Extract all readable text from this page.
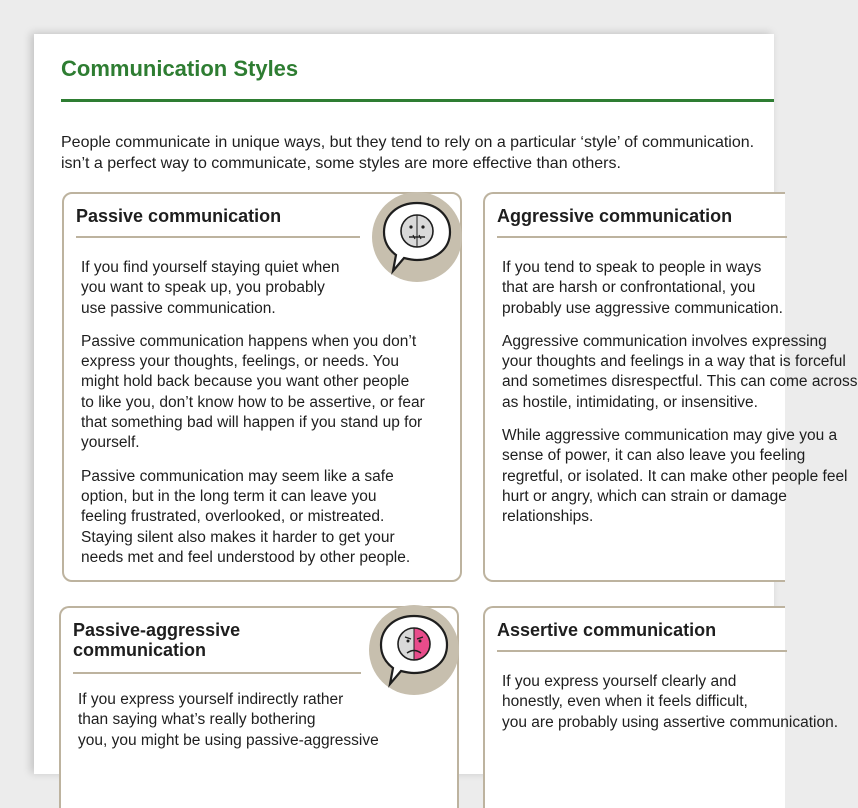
Communication Styles

People communicate in unique ways, but they tend to rely on a particular ‘style’ of communication.
isn’t a perfect way to communicate, some styles are more effective than others.

Passive communication

If you find yourself staying quiet when
you want to speak up, you probably
use passive communication.

Passive communication happens when you don’t
express your thoughts, feelings, or needs. You
might hold back because you want other people
to like you, don’t know how to be assertive, or fear
that something bad will happen if you stand up for
yourself.

Passive communication may seem like a safe
option, but in the long term it can leave you
feeling frustrated, overlooked, or mistreated.
Staying silent also makes it harder to get your
needs met and feel understood by other people.

Aggressive communication

If you tend to speak to people in ways
that are harsh or confrontational, you
probably use aggressive communication.

Aggressive communication involves expressing
your thoughts and feelings in a way that is forceful
and sometimes disrespectful. This can come across
as hostile, intimidating, or insensitive.

While aggressive communication may give you a
sense of power, it can also leave you feeling
regretful, or isolated. It can make other people feel
hurt or angry, which can strain or damage
relationships.

Passive-aggressive
communication

If you express yourself indirectly rather
than saying what’s really bothering
you, you might be using passive-aggressive

Assertive communication

If you express yourself clearly and
honestly, even when it feels difficult,
you are probably using assertive communication.
